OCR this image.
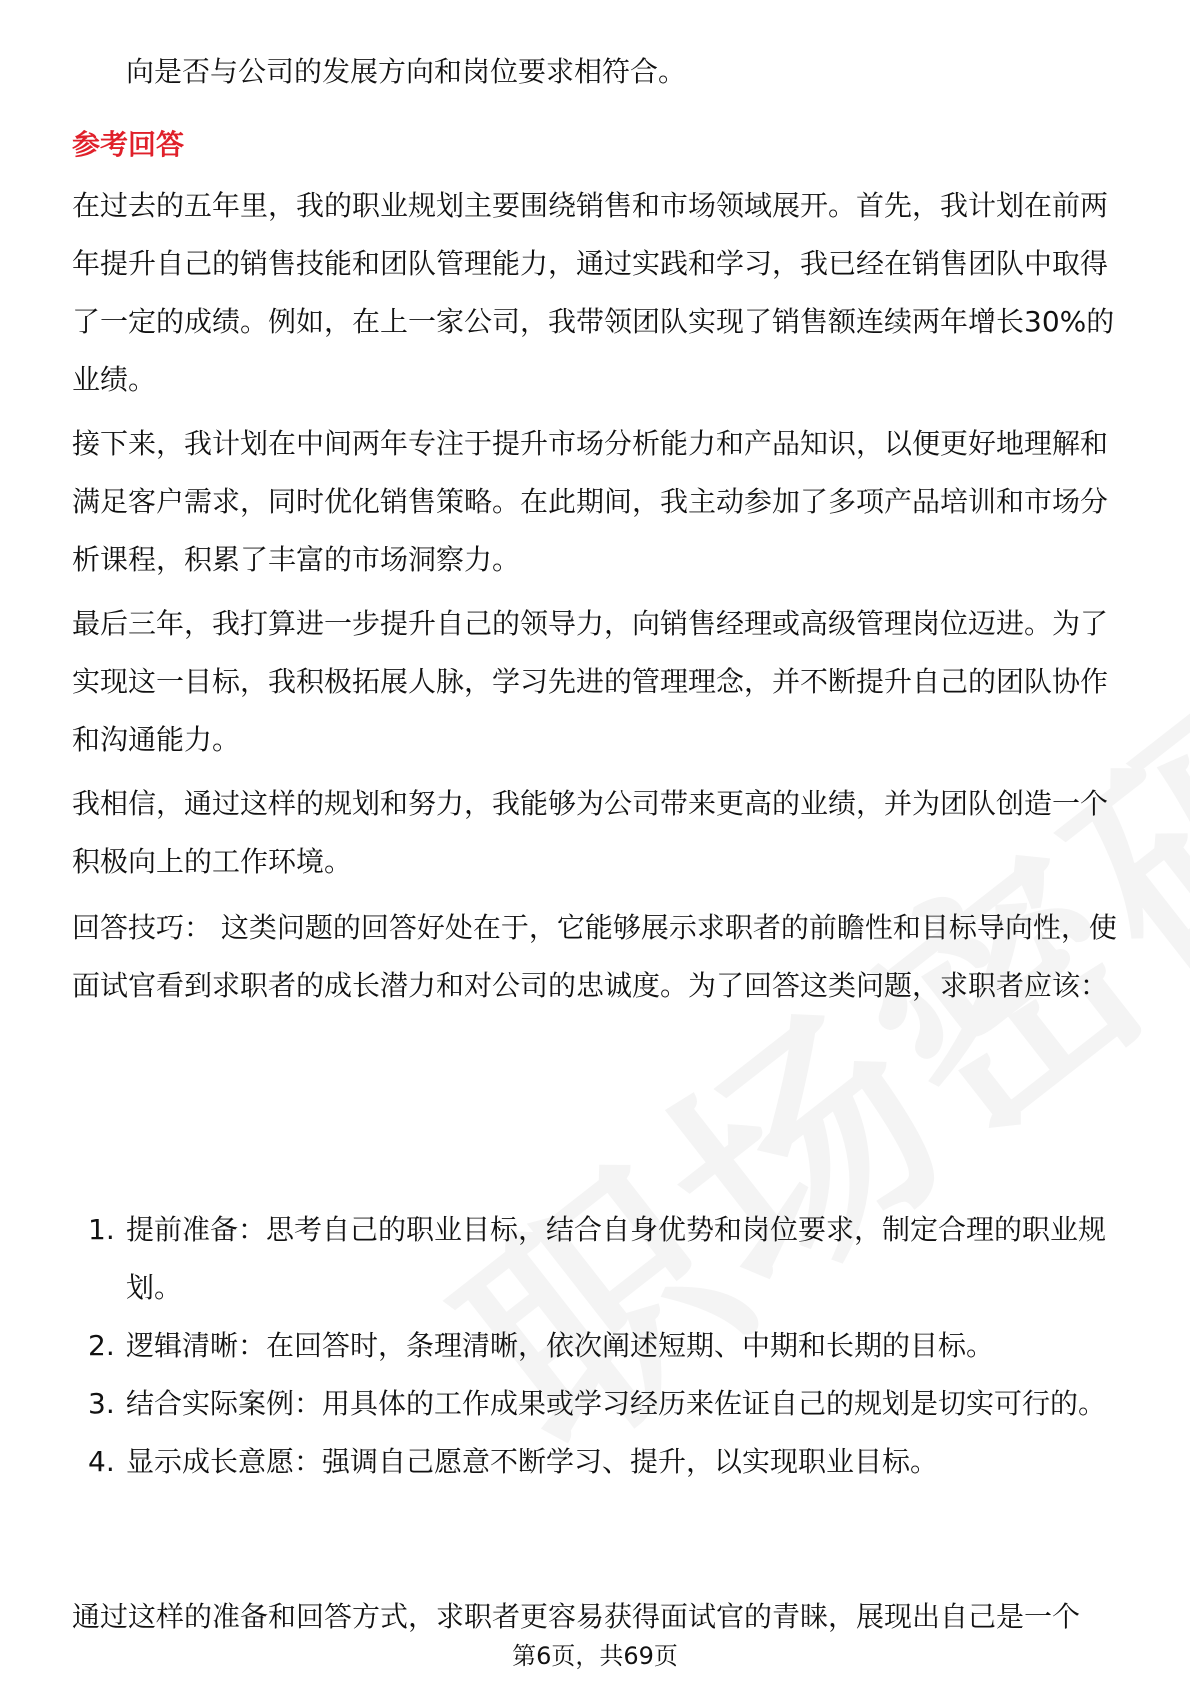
向是否与公司的发展方向和岗位要求相符合。
参考回答

在过去的五年里，我的职业规划主要围绕销售和市场领域展开。首先，我计划在前两年提升自己的销售技能和团队管理能力，通过实践和学习，我已经在销售团队中取得了一定的成绩。例如，在上一家公司，我带领团队实现了销售额连续两年增长30%的业绩。

接下来，我计划在中间两年专注于提升市场分析能力和产品知识，以便更好地理解和满足客户需求，同时优化销售策略。在此期间，我主动参加了多项产品培训和市场分析课程，积累了丰富的市场洞察力。

最后三年，我打算进一步提升自己的领导力，向销售经理或高级管理岗位迈进。为了实现这一目标，我积极拓展人脉，学习先进的管理理念，并不断提升自己的团队协作和沟通能力。

我相信，通过这样的规划和努力，我能够为公司带来更高的业绩，并为团队创造一个积极向上的工作环境。

回答技巧： 这类问题的回答好处在于，它能够展示求职者的前瞻性和目标导向性，使面试官看到求职者的成长潜力和对公司的忠诚度。为了回答这类问题，求职者应该：

1. 提前准备：思考自己的职业目标，结合自身优势和岗位要求，制定合理的职业规划。
2. 逻辑清晰：在回答时，条理清晰，依次阐述短期、中期和长期的目标。
3. 结合实际案例：用具体的工作成果或学习经历来佐证自己的规划是切实可行的。
4. 显示成长意愿：强调自己愿意不断学习、提升，以实现职业目标。

通过这样的准备和回答方式，求职者更容易获得面试官的青睐，展现出自己是一个

第6页，共69页
